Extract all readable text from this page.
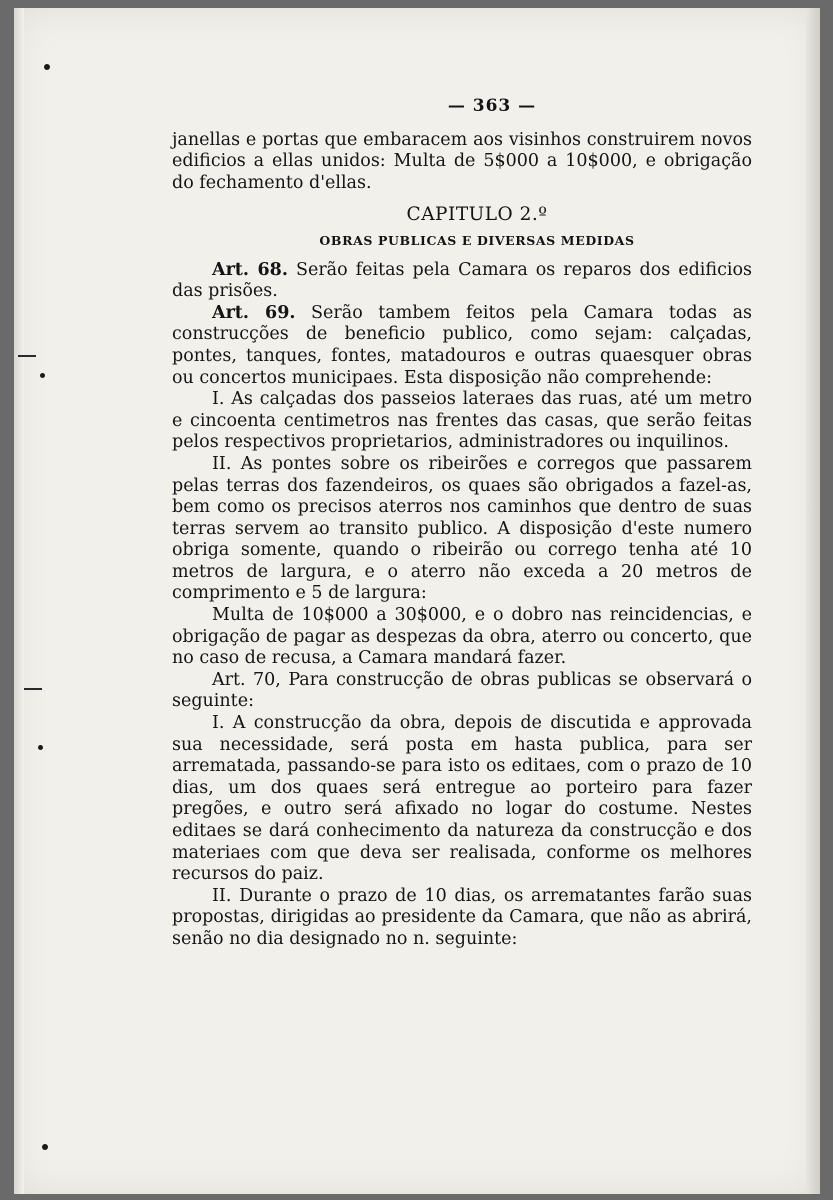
— 363 —

janellas e portas que embaracem aos visinhos construirem novos edificios a ellas unidos: Multa de 5$000 a 10$000, e obrigação do fechamento d'ellas.

CAPITULO 2.º
OBRAS PUBLICAS E DIVERSAS MEDIDAS

Art. 68. Serão feitas pela Camara os reparos dos edificios das prisões.

Art. 69. Serão tambem feitos pela Camara todas as construcções de beneficio publico, como sejam: calçadas, pontes, tanques, fontes, matadouros e outras quaesquer obras ou concertos municipaes. Esta disposição não comprehende:

I. As calçadas dos passeios lateraes das ruas, até um metro e cincoenta centimetros nas frentes das casas, que serão feitas pelos respectivos proprietarios, administradores ou inquilinos.

II. As pontes sobre os ribeirões e corregos que passarem pelas terras dos fazendeiros, os quaes são obrigados a fazel-as, bem como os precisos aterros nos caminhos que dentro de suas terras servem ao transito publico. A disposição d'este numero obriga somente, quando o ribeirão ou corrego tenha até 10 metros de largura, e o aterro não exceda a 20 metros de comprimento e 5 de largura:

Multa de 10$000 a 30$000, e o dobro nas reincidencias, e obrigação de pagar as despezas da obra, aterro ou concerto, que no caso de recusa, a Camara mandará fazer.

Art. 70, Para construcção de obras publicas se observará o seguinte:

I. A construcção da obra, depois de discutida e approvada sua necessidade, será posta em hasta publica, para ser arrematada, passando-se para isto os editaes, com o prazo de 10 dias, um dos quaes será entregue ao porteiro para fazer pregões, e outro será afixado no logar do costume. Nestes editaes se dará conhecimento da natureza da construcção e dos materiaes com que deva ser realisada, conforme os melhores recursos do paiz.

II. Durante o prazo de 10 dias, os arrematantes farão suas propostas, dirigidas ao presidente da Camara, que não as abrirá, senão no dia designado no n. seguinte:
